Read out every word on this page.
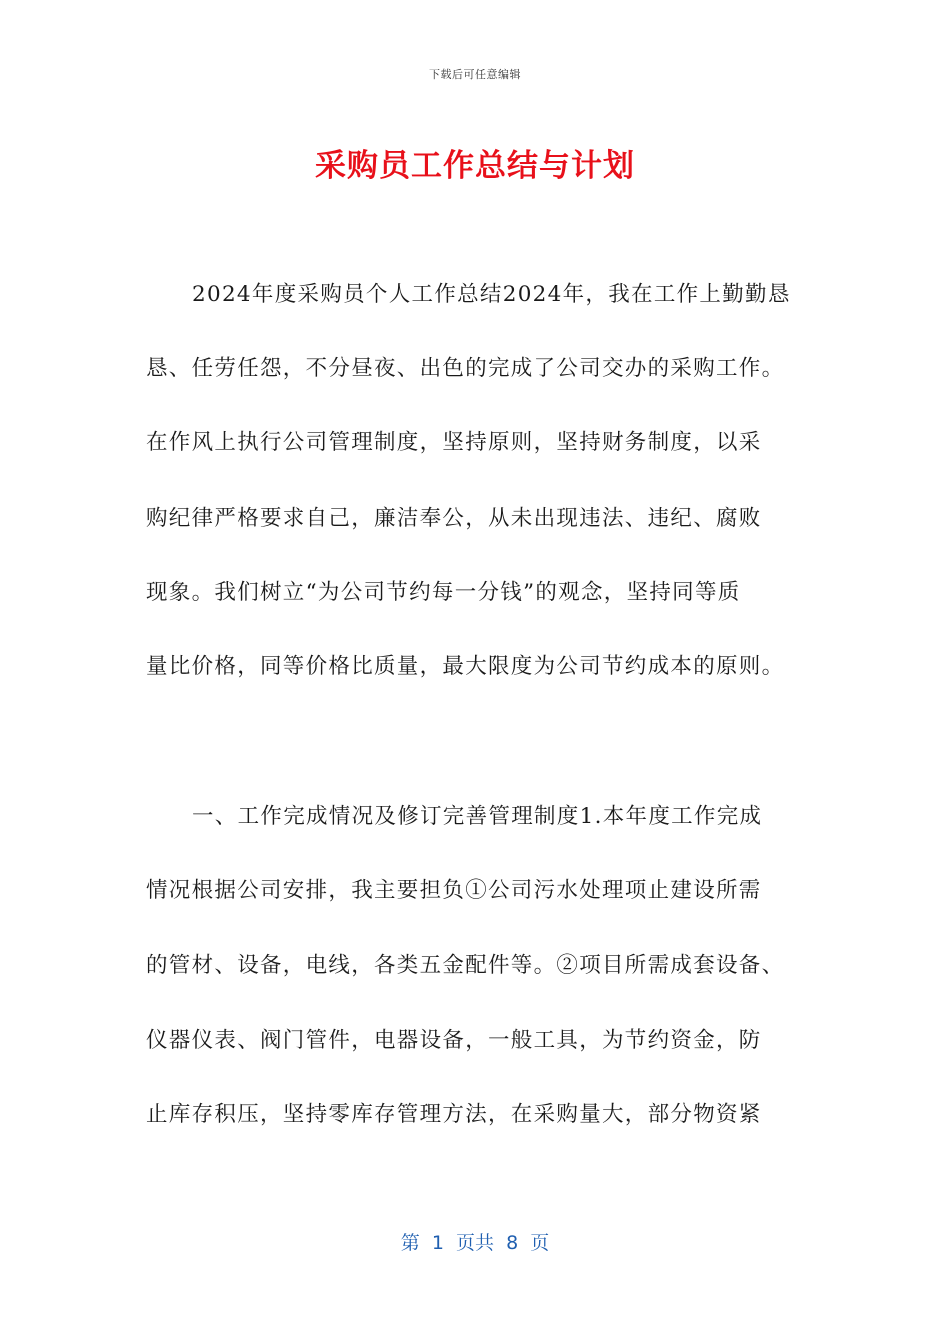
下载后可任意编辑
采购员工作总结与计划

2024年度采购员个人工作总结2024年，我在工作上勤勤恳

恳、任劳任怨，不分昼夜、出色的完成了公司交办的采购工作。

在作风上执行公司管理制度，坚持原则，坚持财务制度，以采

购纪律严格要求自己，廉洁奉公，从未出现违法、违纪、腐败

现象。我们树立“为公司节约每一分钱”的观念，坚持同等质

量比价格，同等价格比质量，最大限度为公司节约成本的原则。

一、工作完成情况及修订完善管理制度1.本年度工作完成

情况根据公司安排，我主要担负①公司污水处理项止建设所需

的管材、设备，电线，各类五金配件等。②项目所需成套设备、

仪器仪表、阀门管件，电器设备，一般工具，为节约资金，防

止库存积压，坚持零库存管理方法，在采购量大，部分物资紧

第  1  页共  8  页
